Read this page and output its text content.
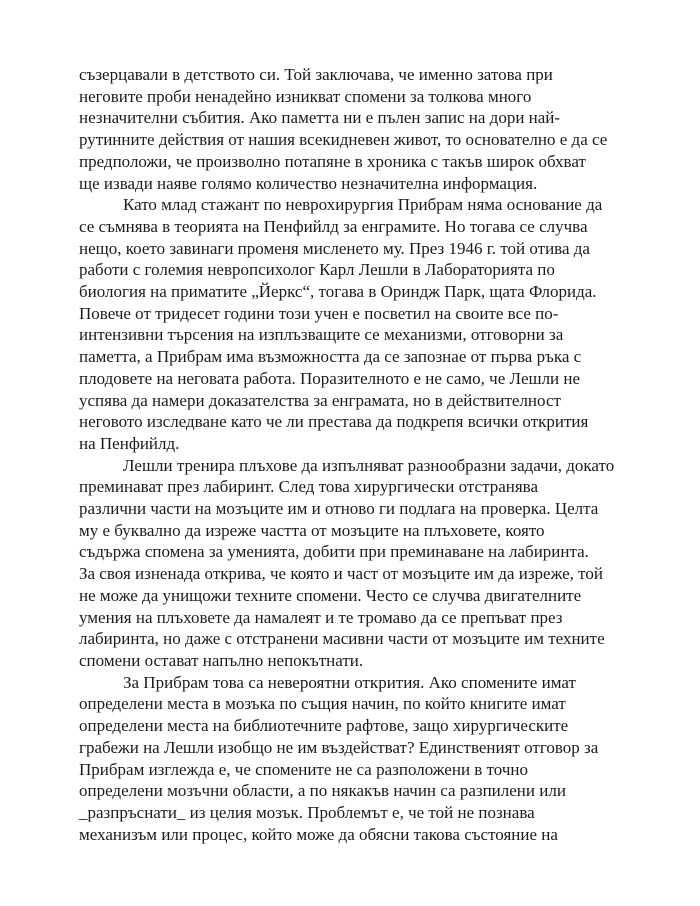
съзерцавали в детството си. Той заключава, че именно затова при
неговите проби ненадейно изникват спомени за толкова много
незначителни събития. Ако паметта ни е пълен запис на дори най-
рутинните действия от нашия всекидневен живот, то основателно е да се
предположи, че произволно потапяне в хроника с такъв широк обхват
ще извади наяве голямо количество незначителна информация.
Като млад стажант по неврохирургия Прибрам няма основание да
се съмнява в теорията на Пенфийлд за енграмите. Но тогава се случва
нещо, което завинаги променя мисленето му. През 1946 г. той отива да
работи с големия невропсихолог Карл Лешли в Лабораторията по
биология на приматите „Йеркс“, тогава в Ориндж Парк, щата Флорида.
Повече от тридесет години този учен е посветил на своите все по-
интензивни търсения на изплъзващите се механизми, отговорни за
паметта, а Прибрам има възможността да се запознае от първа ръка с
плодовете на неговата работа. Поразителното е не само, че Лешли не
успява да намери доказателства за енграмата, но в действителност
неговото изследване като че ли престава да подкрепя всички открития
на Пенфийлд.
Лешли тренира плъхове да изпълняват разнообразни задачи, докато
преминават през лабиринт. След това хирургически отстранява
различни части на мозъците им и отново ги подлага на проверка. Целта
му е буквално да изреже частта от мозъците на плъховете, която
съдържа спомена за уменията, добити при преминаване на лабиринта.
За своя изненада открива, че която и част от мозъците им да изреже, той
не може да унищожи техните спомени. Често се случва двигателните
умения на плъховете да намалеят и те тромаво да се препъват през
лабиринта, но даже с отстранени масивни части от мозъците им техните
спомени остават напълно непокътнати.
За Прибрам това са невероятни открития. Ако спомените имат
определени места в мозъка по същия начин, по който книгите имат
определени места на библиотечните рафтове, защо хирургическите
грабежи на Лешли изобщо не им въздействат? Единственият отговор за
Прибрам изглежда е, че спомените не са разположени в точно
определени мозъчни области, а по някакъв начин са разпилени или
_разпръснати_ из целия мозък. Проблемът е, че той не познава
механизъм или процес, който може да обясни такова състояние на
